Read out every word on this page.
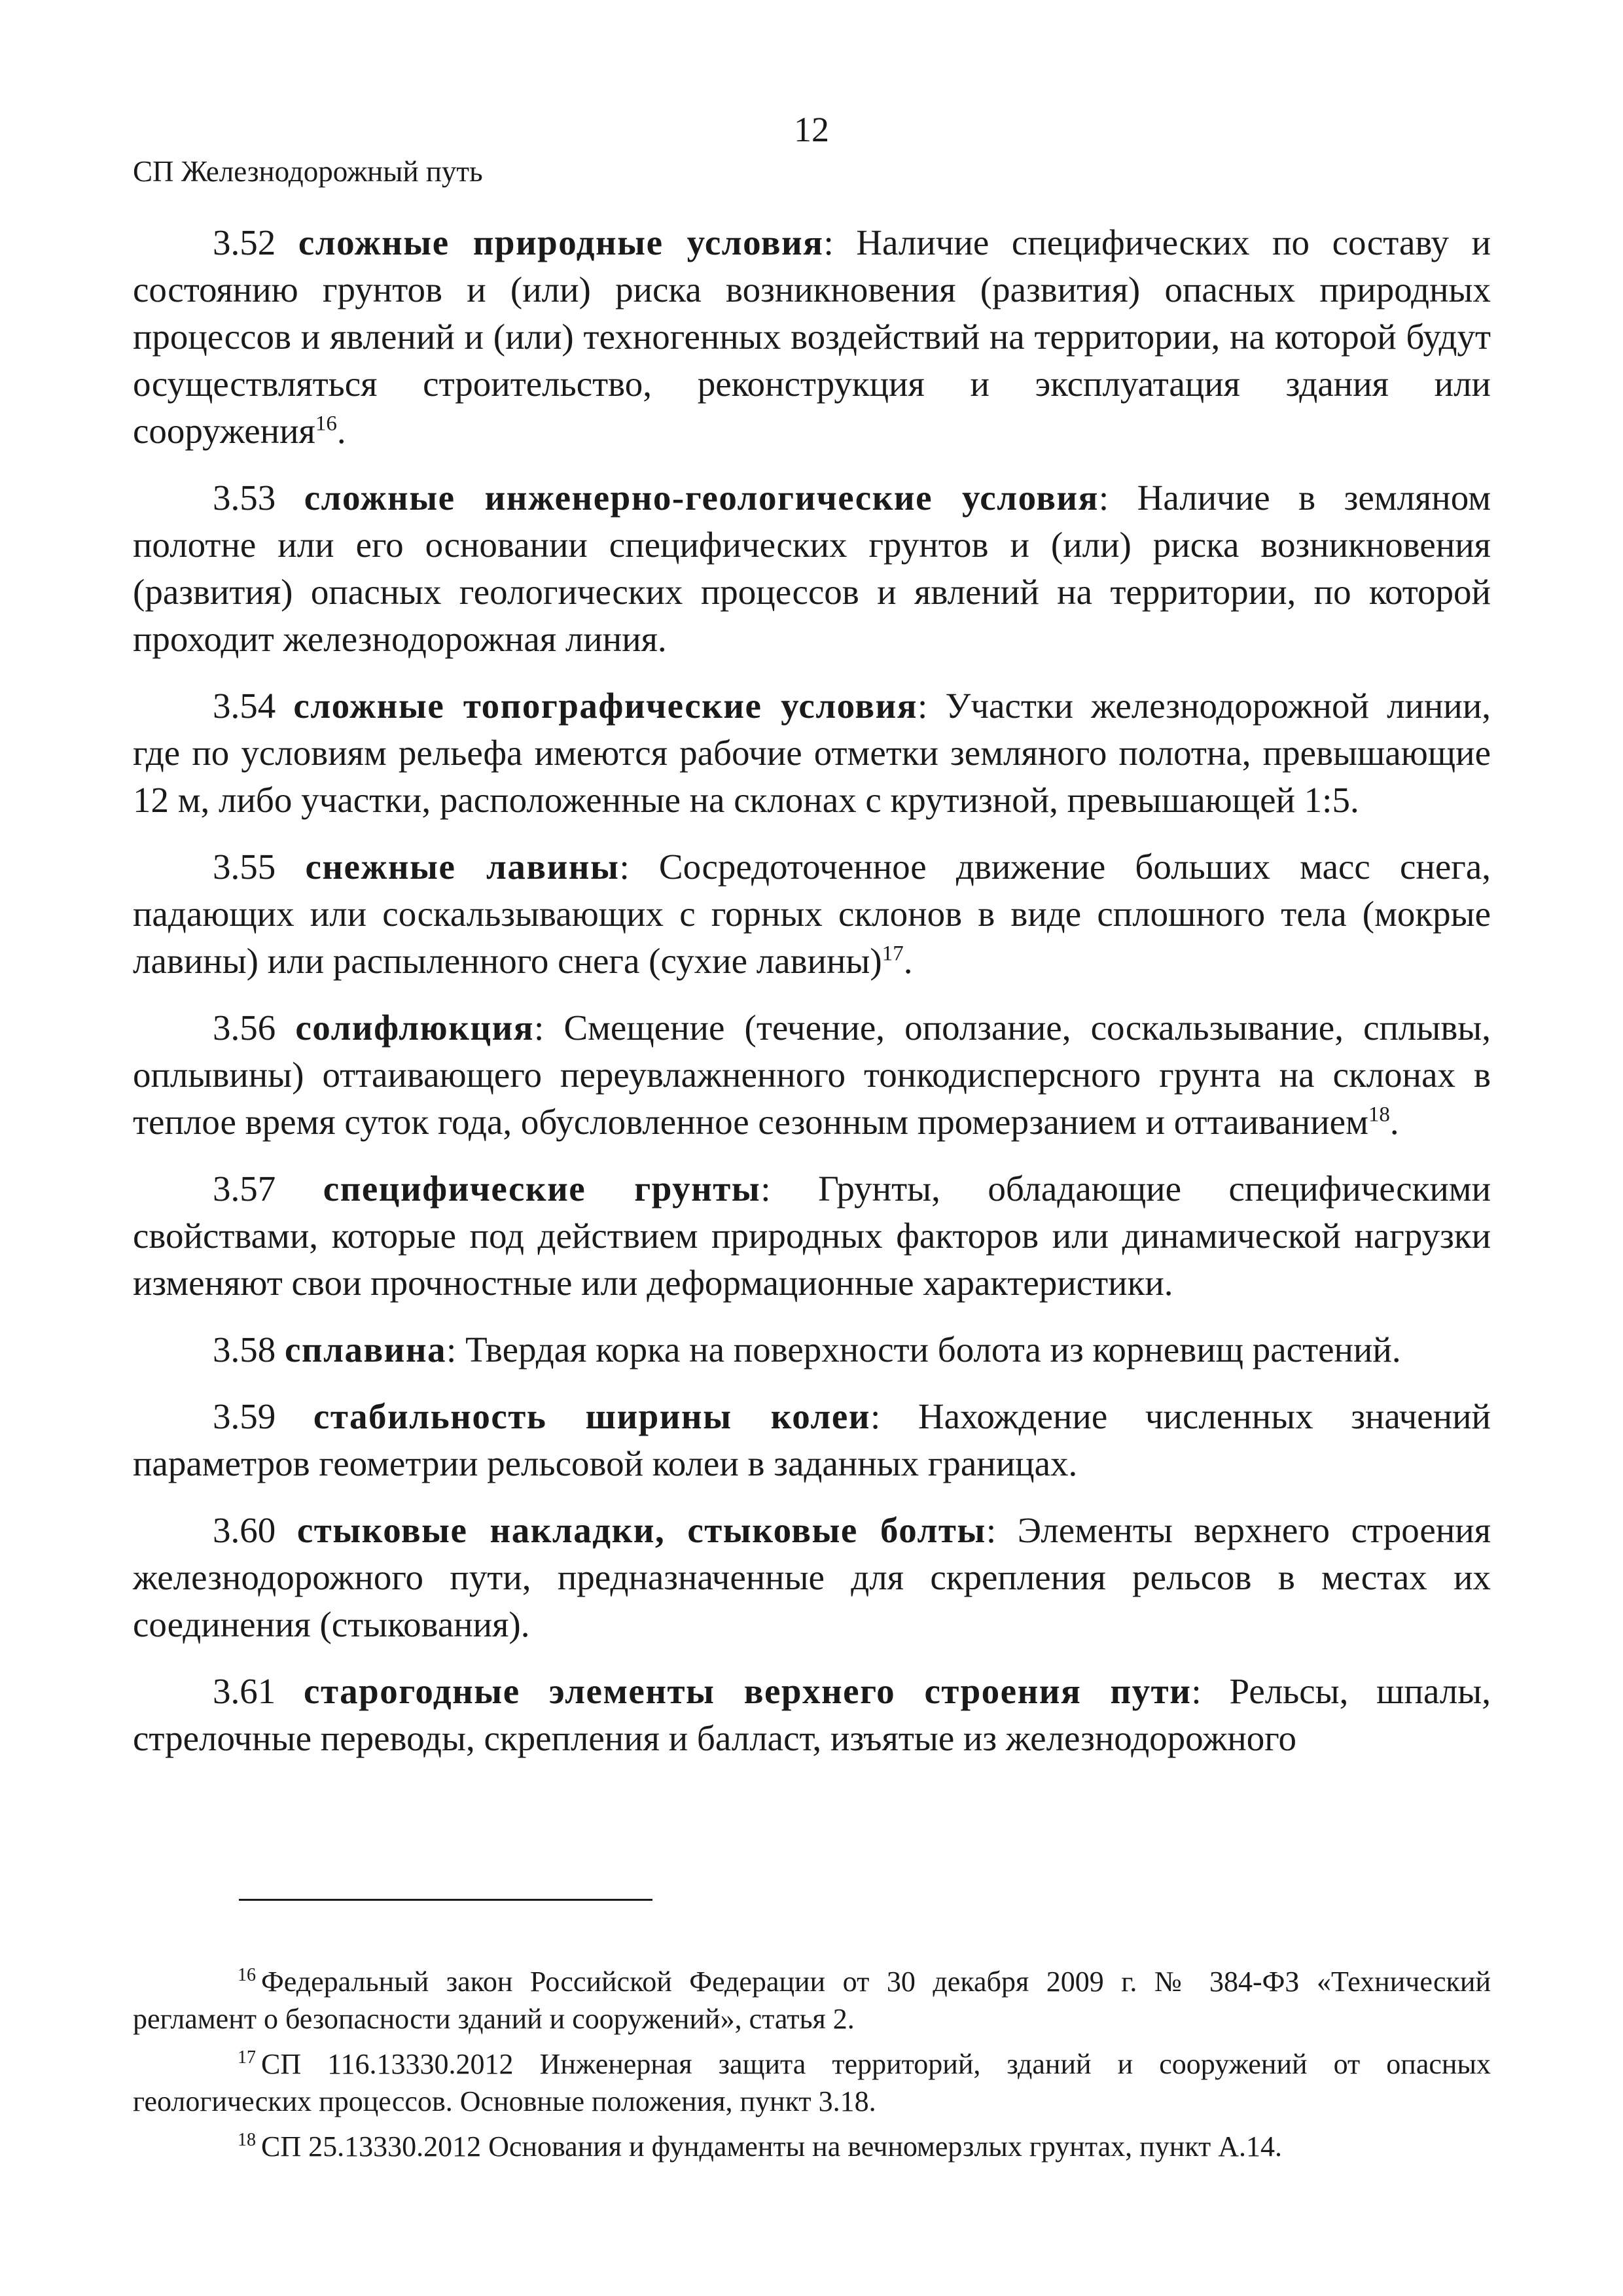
12
СП Железнодорожный путь

3.52 сложные природные условия: Наличие специфических по составу и состоянию грунтов и (или) риска возникновения (развития) опасных природных процессов и явлений и (или) техногенных воздействий на территории, на которой будут осуществляться строительство, реконструкция и эксплуатация здания или сооружения$^{16}$.

3.53 сложные инженерно-геологические условия: Наличие в земляном полотне или его основании специфических грунтов и (или) риска возникновения (развития) опасных геологических процессов и явлений на территории, по которой проходит железнодорожная линия.

3.54 сложные топографические условия: Участки железнодорожной линии, где по условиям рельефа имеются рабочие отметки земляного полотна, превышающие 12 м, либо участки, расположенные на склонах с крутизной, превышающей 1:5.

3.55 снежные лавины: Сосредоточенное движение больших масс снега, падающих или соскальзывающих с горных склонов в виде сплошного тела (мокрые лавины) или распыленного снега (сухие лавины)$^{17}$.

3.56 солифлюкция: Смещение (течение, оползание, соскальзывание, сплывы, оплывины) оттаивающего переувлажненного тонкодисперсного грунта на склонах в теплое время суток года, обусловленное сезонным промерзанием и оттаиванием$^{18}$.

3.57 специфические грунты: Грунты, обладающие специфическими свойствами, которые под действием природных факторов или динамической нагрузки изменяют свои прочностные или деформационные характеристики.

3.58 сплавина: Твердая корка на поверхности болота из корневищ растений.

3.59 стабильность ширины колеи: Нахождение численных значений параметров геометрии рельсовой колеи в заданных границах.

3.60 стыковые накладки, стыковые болты: Элементы верхнего строения железнодорожного пути, предназначенные для скрепления рельсов в местах их соединения (стыкования).

3.61 старогодные элементы верхнего строения пути: Рельсы, шпалы, стрелочные переводы, скрепления и балласт, изъятые из железнодорожного

$^{16}$ Федеральный закон Российской Федерации от 30 декабря 2009 г. № 384-ФЗ «Технический регламент о безопасности зданий и сооружений», статья 2.

$^{17}$ СП 116.13330.2012 Инженерная защита территорий, зданий и сооружений от опасных геологических процессов. Основные положения, пункт 3.18.

$^{18}$ СП 25.13330.2012 Основания и фундаменты на вечномерзлых грунтах, пункт А.14.
